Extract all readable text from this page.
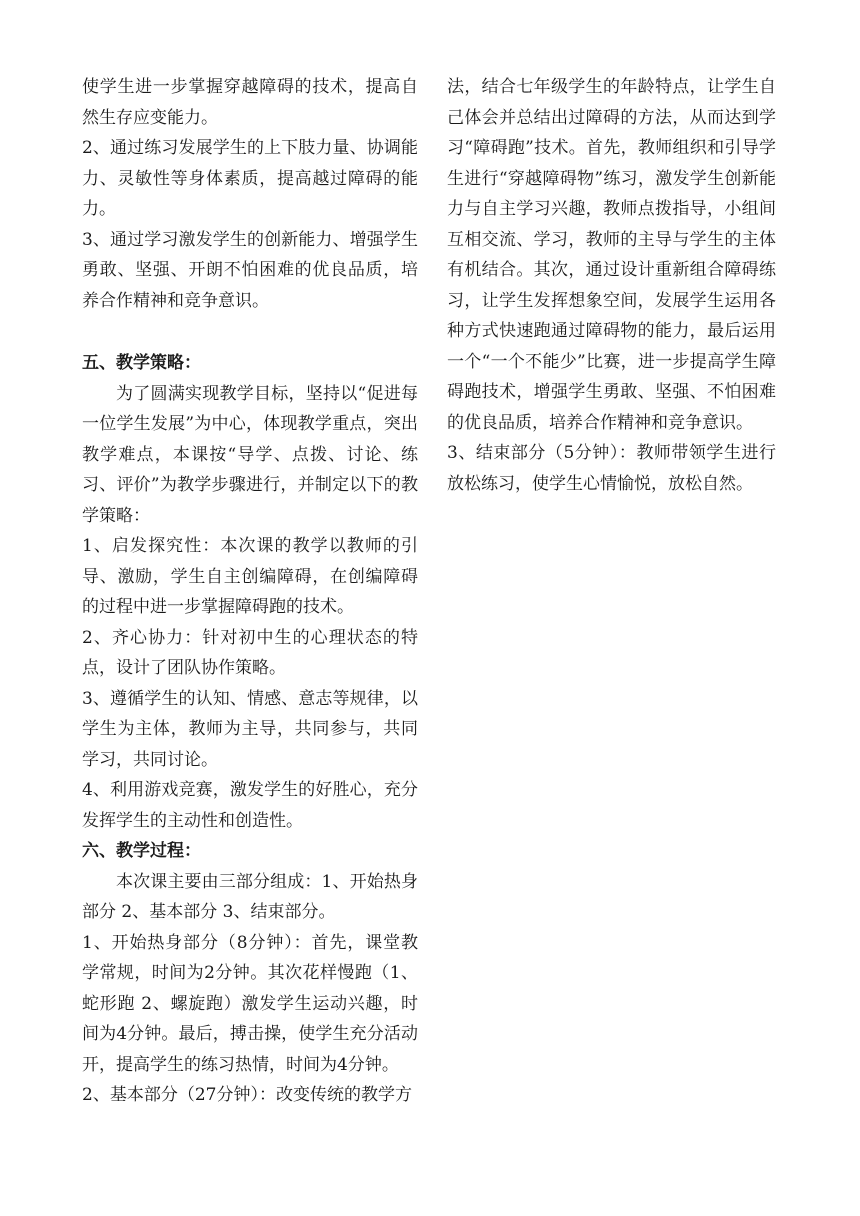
使学生进一步掌握穿越障碍的技术，提高自然生存应变能力。

2、通过练习发展学生的上下肢力量、协调能力、灵敏性等身体素质，提高越过障碍的能力。

3、通过学习激发学生的创新能力、增强学生勇敢、坚强、开朗不怕困难的优良品质，培养合作精神和竞争意识。

五、教学策略：

为了圆满实现教学目标，坚持以“促进每一位学生发展”为中心，体现教学重点，突出教学难点，本课按“导学、点拨、讨论、练习、评价”为教学步骤进行，并制定以下的教学策略：

1、启发探究性：本次课的教学以教师的引导、激励，学生自主创编障碍，在创编障碍的过程中进一步掌握障碍跑的技术。

2、齐心协力：针对初中生的心理状态的特点，设计了团队协作策略。

3、遵循学生的认知、情感、意志等规律，以学生为主体，教师为主导，共同参与，共同学习，共同讨论。

4、利用游戏竞赛，激发学生的好胜心，充分发挥学生的主动性和创造性。

六、教学过程：

本次课主要由三部分组成：1、开始热身部分 2、基本部分 3、结束部分。

1、开始热身部分（8分钟）：首先，课堂教学常规，时间为2分钟。其次花样慢跑（1、蛇形跑 2、螺旋跑）激发学生运动兴趣，时间为4分钟。最后，搏击操，使学生充分活动开，提高学生的练习热情，时间为4分钟。

2、基本部分（27分钟）：改变传统的教学方

法，结合七年级学生的年龄特点，让学生自己体会并总结出过障碍的方法，从而达到学习“障碍跑”技术。首先，教师组织和引导学生进行“穿越障碍物”练习，激发学生创新能力与自主学习兴趣，教师点拨指导，小组间互相交流、学习，教师的主导与学生的主体有机结合。其次，通过设计重新组合障碍练习，让学生发挥想象空间，发展学生运用各种方式快速跑通过障碍物的能力，最后运用一个“一个不能少”比赛，进一步提高学生障碍跑技术，增强学生勇敢、坚强、不怕困难的优良品质，培养合作精神和竞争意识。

3、结束部分（5分钟）：教师带领学生进行放松练习，使学生心情愉悦，放松自然。
